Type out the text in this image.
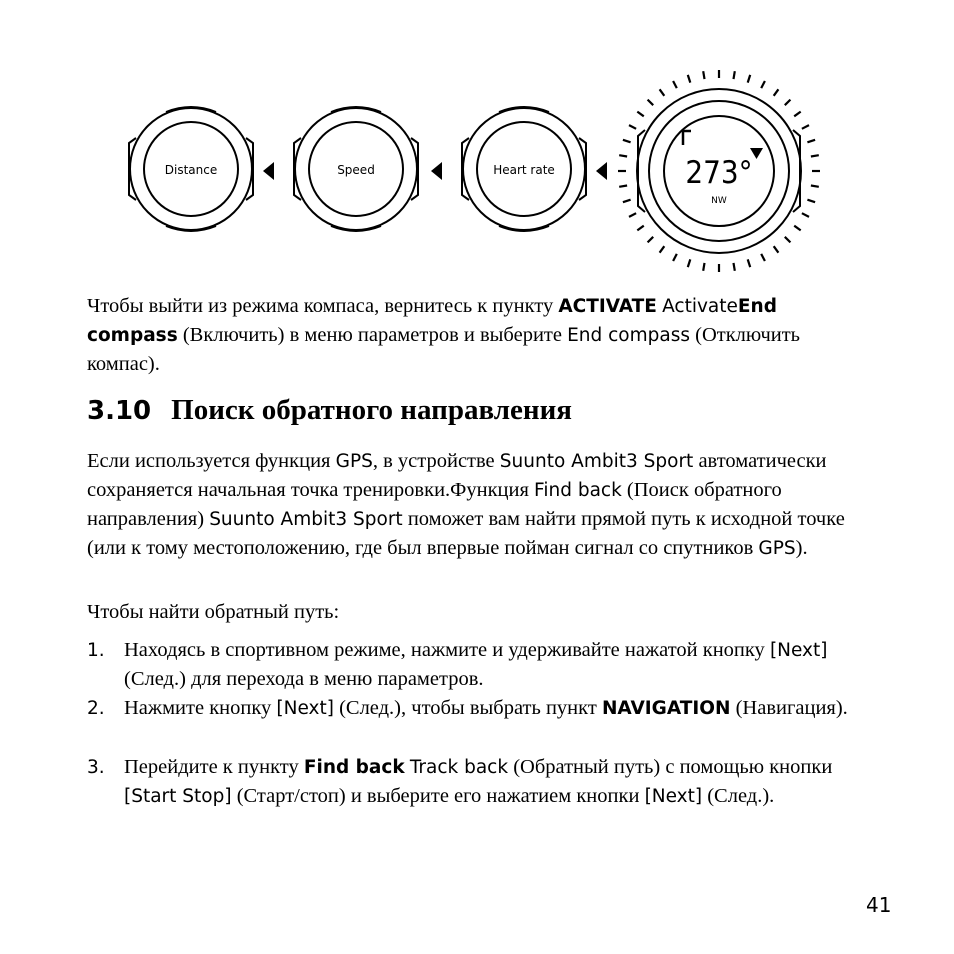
Distance	Speed	Heart rate	273°
NW

Чтобы выйти из режима компаса, вернитесь к пункту ACTIVATE ActivateEnd compass (Включить) в меню параметров и выберите End compass (Отключить компас).

3.10 Поиск обратного направления

Если используется функция GPS, в устройстве Suunto Ambit3 Sport автоматически сохраняется начальная точка тренировки.Функция Find back (Поиск обратного направления) Suunto Ambit3 Sport поможет вам найти прямой путь к исходной точке (или к тому местоположению, где был впервые пойман сигнал со спутников GPS).

Чтобы найти обратный путь:

1. Находясь в спортивном режиме, нажмите и удерживайте нажатой кнопку [Next] (След.) для перехода в меню параметров.
2. Нажмите кнопку [Next] (След.), чтобы выбрать пункт NAVIGATION (Навигация).
3. Перейдите к пункту Find back Track back (Обратный путь) с помощью кнопки [Start Stop] (Старт/стоп) и выберите его нажатием кнопки [Next] (След.).
41
